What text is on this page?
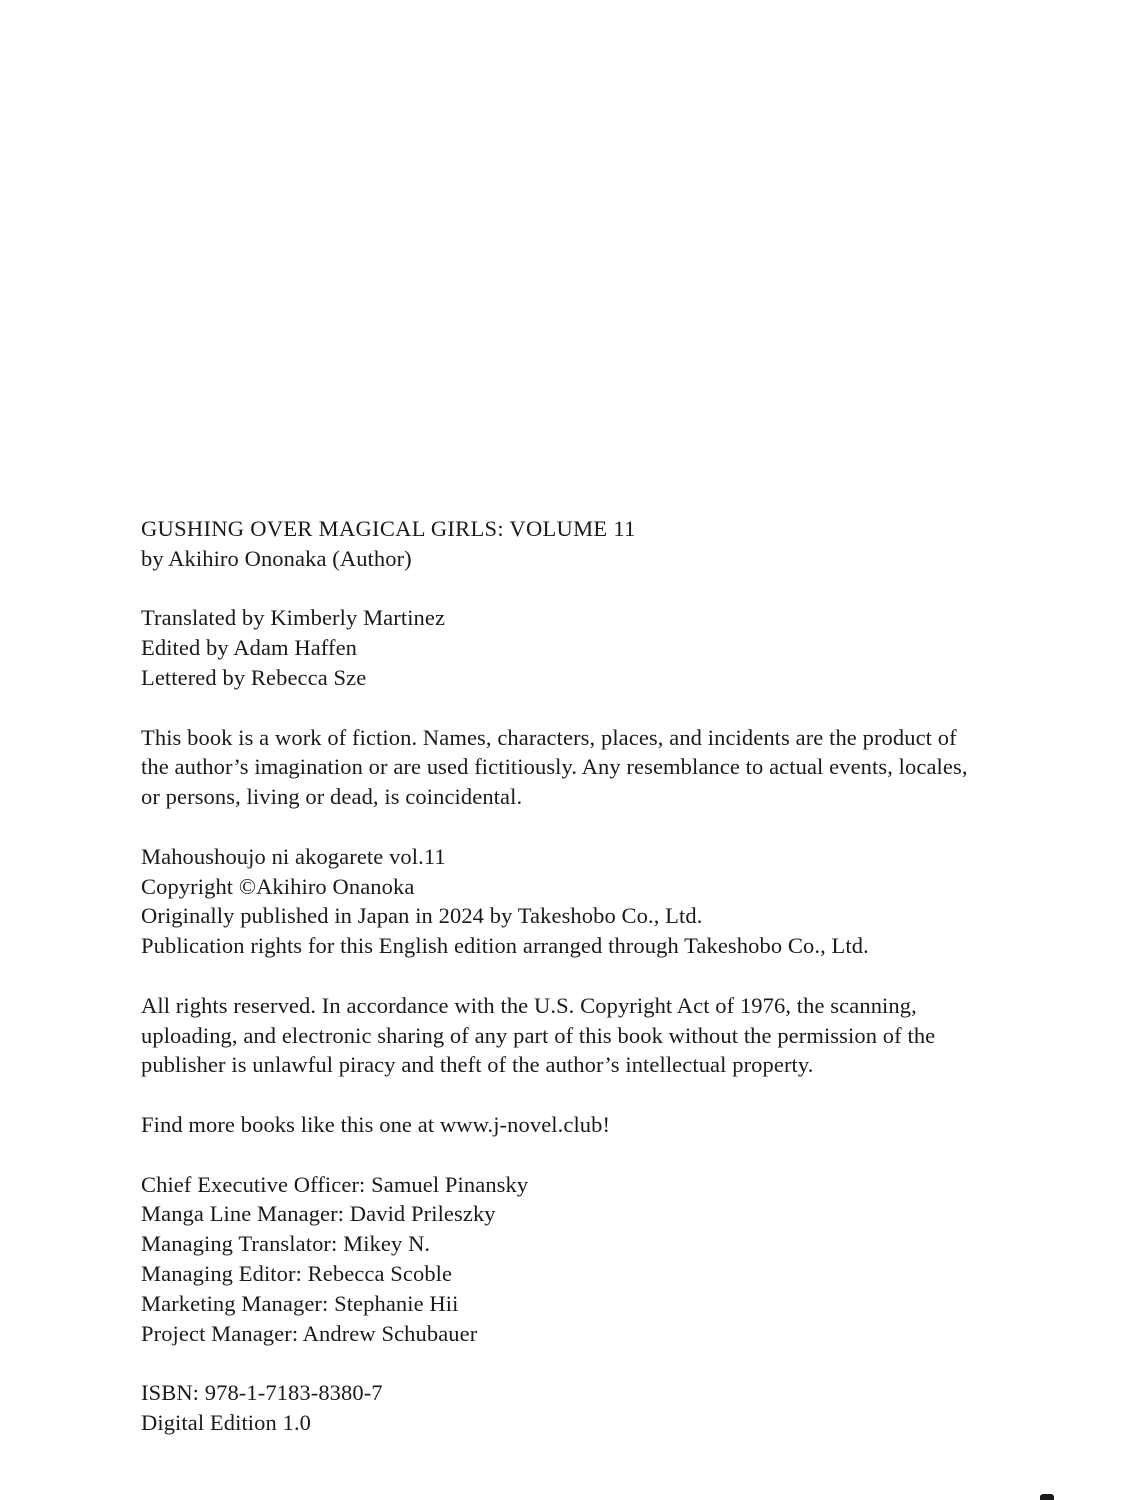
GUSHING OVER MAGICAL GIRLS: VOLUME 11
by Akihiro Ononaka (Author)
Translated by Kimberly Martinez
Edited by Adam Haffen
Lettered by Rebecca Sze
This book is a work of fiction. Names, characters, places, and incidents are the product of
the author’s imagination or are used fictitiously. Any resemblance to actual events, locales,
or persons, living or dead, is coincidental.
Mahoushoujo ni akogarete vol.11
Copyright ©Akihiro Onanoka
Originally published in Japan in 2024 by Takeshobo Co., Ltd.
Publication rights for this English edition arranged through Takeshobo Co., Ltd.
All rights reserved. In accordance with the U.S. Copyright Act of 1976, the scanning,
uploading, and electronic sharing of any part of this book without the permission of the
publisher is unlawful piracy and theft of the author’s intellectual property.
Find more books like this one at www.j-novel.club!
Chief Executive Officer: Samuel Pinansky
Manga Line Manager: David Prileszky
Managing Translator: Mikey N.
Managing Editor: Rebecca Scoble
Marketing Manager: Stephanie Hii
Project Manager: Andrew Schubauer
ISBN: 978-1-7183-8380-7
Digital Edition 1.0
